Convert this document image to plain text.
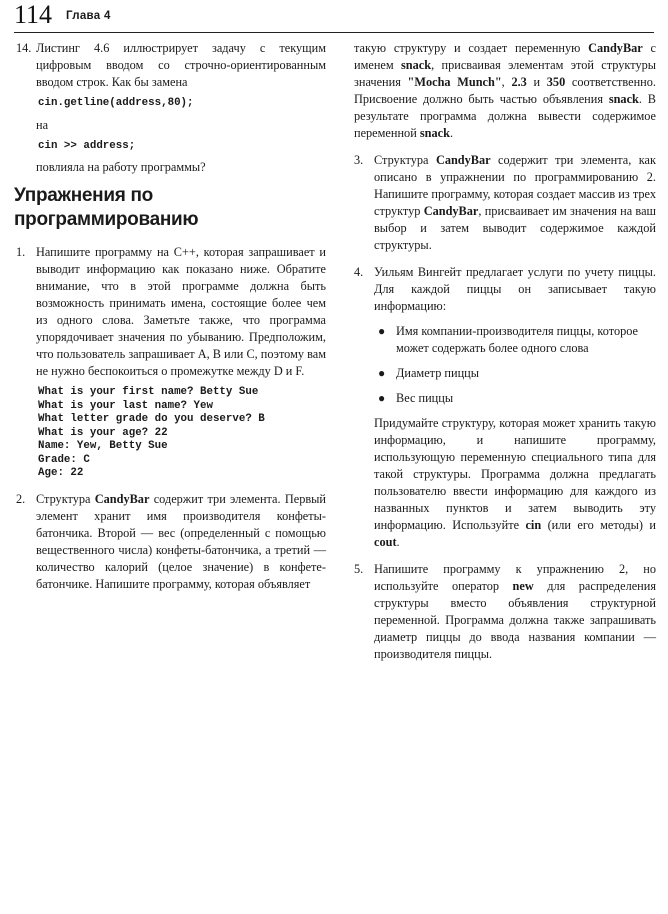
114 Глава 4
14. Листинг 4.6 иллюстрирует задачу с текущим цифровым вводом со строчно-ориентированным вводом строк. Как бы замена

cin.getline(address,80);

на

cin >> address;

повлияла на работу программы?

Упражнения по программированию
1. Напишите программу на С++, которая запрашивает и выводит информацию как показано ниже. Обратите внимание, что в этой программе должна быть возможность принимать имена, состоящие более чем из одного слова. Заметьте также, что программа упорядочивает значения по убыванию. Предположим, что пользователь запрашивает А, В или С, поэтому вам не нужно беспокоиться о промежутке между D и F.

What is your first name? Betty Sue
What is your last name? Yew
What letter grade do you deserve? B
What is your age? 22
Name: Yew, Betty Sue
Grade: C
Age: 22
2. Структура CandyBar содержит три элемента. Первый элемент хранит имя производителя конфеты-батончика. Второй — вес (определенный с помощью вещественного числа) конфеты-батончика, а третий — количество калорий (целое значение) в конфете-батончике. Напишите программу, которая объявляет

такую структуру и создает переменную CandyBar с именем snack, присваивая элементам этой структуры значения "Mocha Munch", 2.3 и 350 соответственно. Присвоение должно быть частью объявления snack. В результате программа должна вывести содержимое переменной snack.

3. Структура CandyBar содержит три элемента, как описано в упражнении по программированию 2. Напишите программу, которая создает массив из трех структур CandyBar, присваивает им значения на ваш выбор и затем выводит содержимое каждой структуры.

4. Уильям Вингейт предлагает услуги по учету пиццы. Для каждой пиццы он записывает такую информацию:

● Имя компании-производителя пиццы, которое может содержать более одного слова
● Диаметр пиццы
● Вес пиццы

Придумайте структуру, которая может хранить такую информацию, и напишите программу, использующую переменную специального типа для такой структуры. Программа должна предлагать пользователю ввести информацию для каждого из названных пунктов и затем выводить эту информацию. Используйте cin (или его методы) и cout.

5. Напишите программу к упражнению 2, но используйте оператор new для распределения структуры вместо объявления структурной переменной. Программа должна также запрашивать диаметр пиццы до ввода названия компании — производителя пиццы.
